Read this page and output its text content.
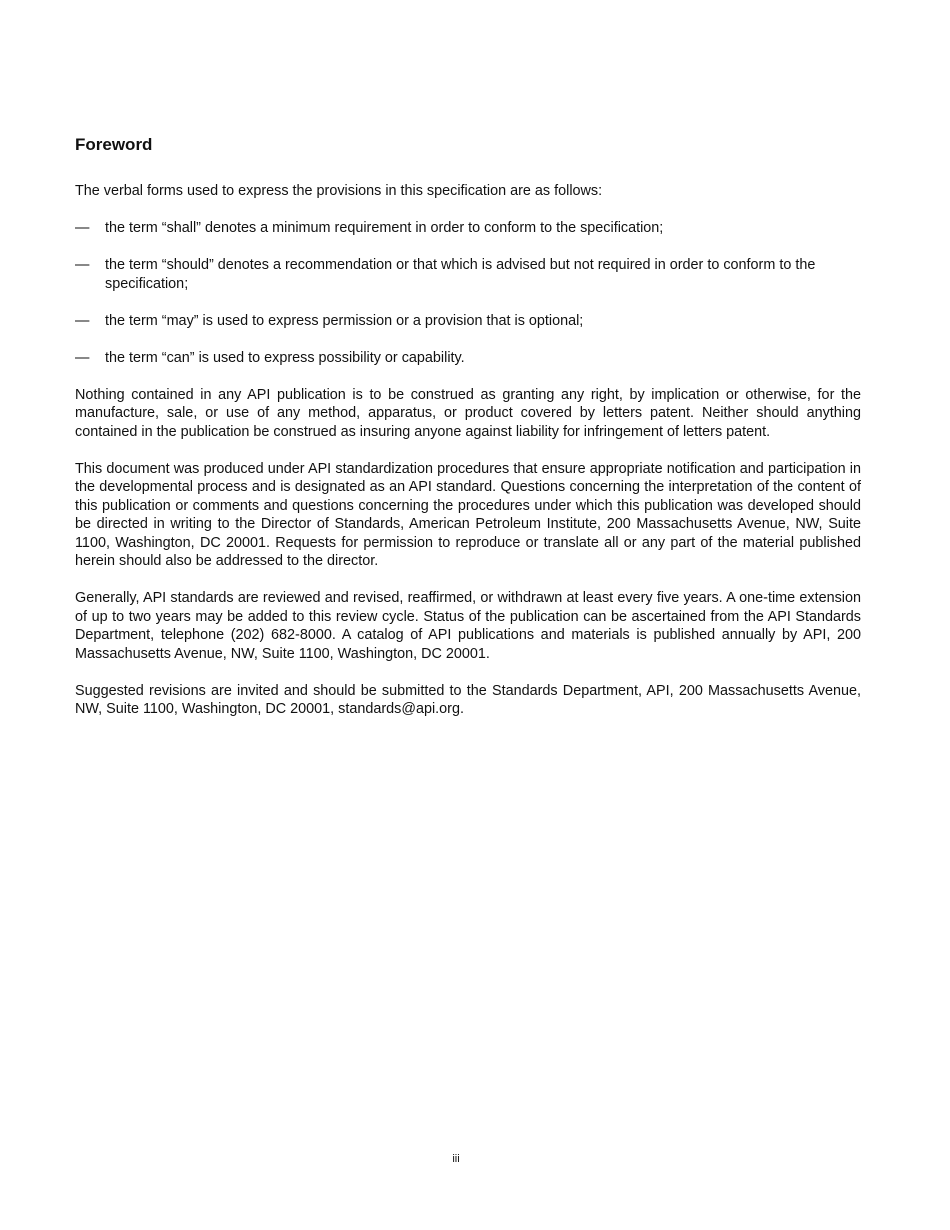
Foreword

The verbal forms used to express the provisions in this specification are as follows:

—	the term “shall” denotes a minimum requirement in order to conform to the specification;
—	the term “should” denotes a recommendation or that which is advised but not required in order to conform to the specification;
—	the term “may” is used to express permission or a provision that is optional;
—	the term “can” is used to express possibility or capability.

Nothing contained in any API publication is to be construed as granting any right, by implication or otherwise, for the manufacture, sale, or use of any method, apparatus, or product covered by letters patent. Neither should anything contained in the publication be construed as insuring anyone against liability for infringement of letters patent.

This document was produced under API standardization procedures that ensure appropriate notification and participation in the developmental process and is designated as an API standard. Questions concerning the interpretation of the content of this publication or comments and questions concerning the procedures under which this publication was developed should be directed in writing to the Director of Standards, American Petroleum Institute, 200 Massachusetts Avenue, NW, Suite 1100, Washington, DC 20001. Requests for permission to reproduce or translate all or any part of the material published herein should also be addressed to the director.

Generally, API standards are reviewed and revised, reaffirmed, or withdrawn at least every five years. A one-time extension of up to two years may be added to this review cycle. Status of the publication can be ascertained from the API Standards Department, telephone (202) 682-8000. A catalog of API publications and materials is published annually by API, 200 Massachusetts Avenue, NW, Suite 1100, Washington, DC 20001.

Suggested revisions are invited and should be submitted to the Standards Department, API, 200 Massachusetts Avenue, NW, Suite 1100, Washington, DC 20001, standards@api.org.

iii
